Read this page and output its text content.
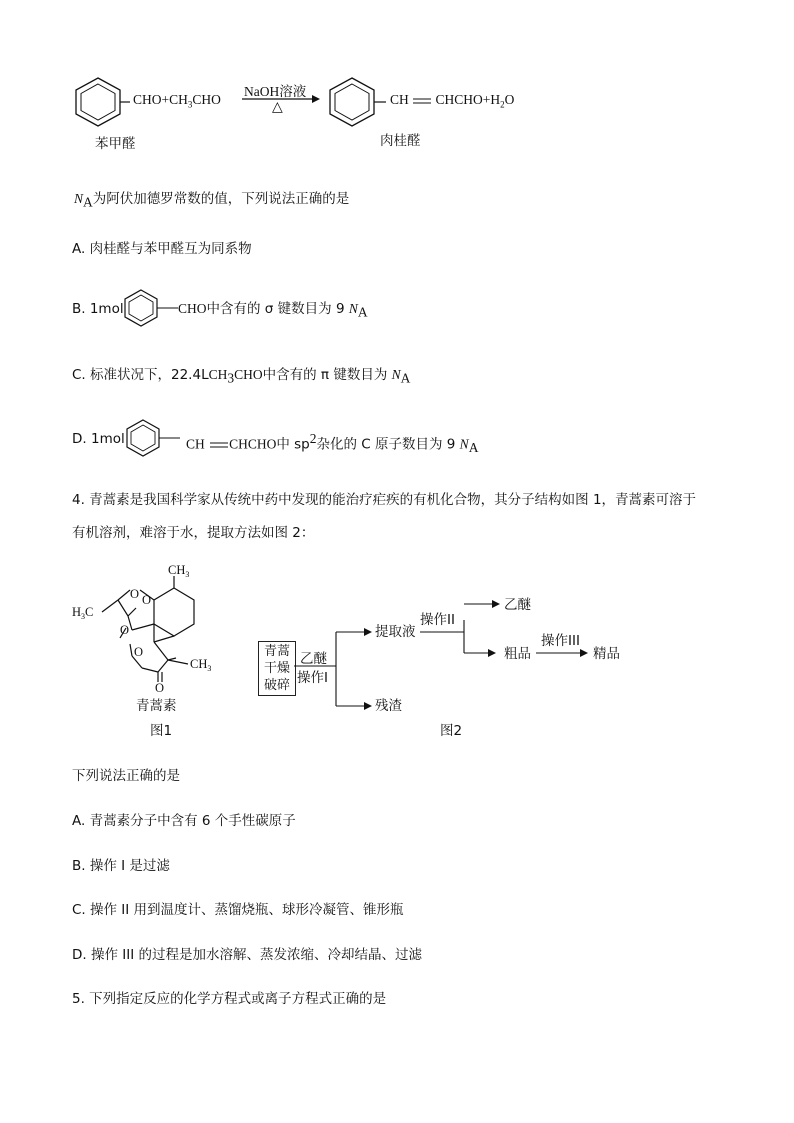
$CHO+CH_3CHO$
NaOH溶液
△
CH $CHCHO+H_2O$
苯甲醛	肉桂醛
$N_A$为阿伏加德罗常数的值，下列说法正确的是
A. 肉桂醛与苯甲醛互为同系物
B. 1mol	CHO中含有的 σ 键数目为 9 $N_A$
C. 标准状况下，$22.4LCH_3CHO$中含有的 π 键数目为 $N_A$
D. 1mol	CH CHCHO中 $sp^2$杂化的 C 原子数目为 9 $N_A$
4. 青蒿素是我国科学家从传统中药中发现的能治疗疟疾的有机化合物，其分子结构如图 1，青蒿素可溶于
有机溶剂，难溶于水，提取方法如图 2：
O O
O
O
O
$CH_3$
$H_3C$
$CH_3$
青蒿素
图1
青蒿
干燥
破碎
乙醚
操作I
提取液
残渣
操作II
乙醚
粗品
操作III
精品
图2
下列说法正确的是
A. 青蒿素分子中含有 6 个手性碳原子
B. 操作 I 是过滤
C. 操作 II 用到温度计、蒸馏烧瓶、球形冷凝管、锥形瓶
D. 操作 III 的过程是加水溶解、蒸发浓缩、冷却结晶、过滤
5. 下列指定反应的化学方程式或离子方程式正确的是
